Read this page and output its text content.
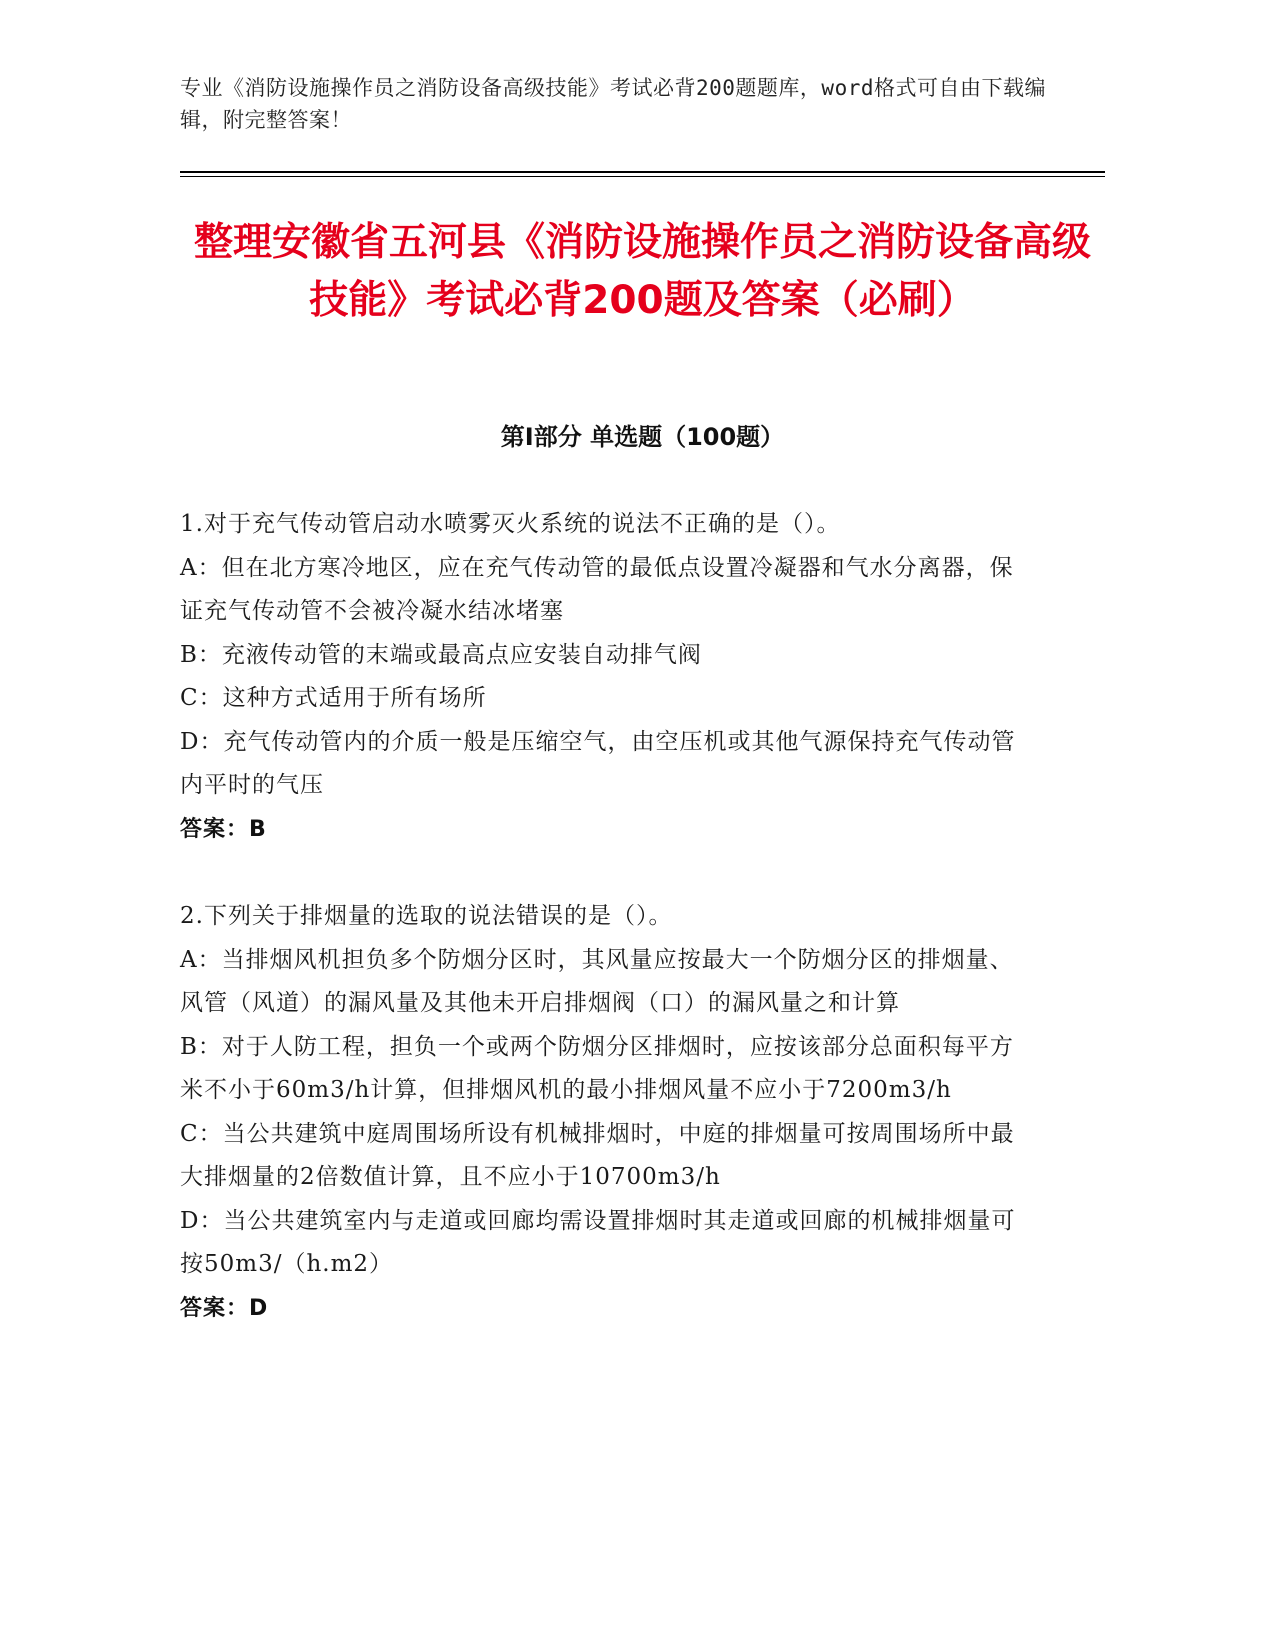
专业《消防设施操作员之消防设备高级技能》考试必背200题题库，word格式可自由下载编辑，附完整答案！
整理安徽省五河县《消防设施操作员之消防设备高级技能》考试必背200题及答案（必刷）
第I部分 单选题（100题）

1.对于充气传动管启动水喷雾灭火系统的说法不正确的是（）。

A：但在北方寒冷地区，应在充气传动管的最低点设置冷凝器和气水分离器，保证充气传动管不会被冷凝水结冰堵塞

B：充液传动管的末端或最高点应安装自动排气阀

C：这种方式适用于所有场所

D：充气传动管内的介质一般是压缩空气，由空压机或其他气源保持充气传动管内平时的气压

答案：B

2.下列关于排烟量的选取的说法错误的是（）。

A：当排烟风机担负多个防烟分区时，其风量应按最大一个防烟分区的排烟量、风管（风道）的漏风量及其他未开启排烟阀（口）的漏风量之和计算

B：对于人防工程，担负一个或两个防烟分区排烟时，应按该部分总面积每平方米不小于60m3/h计算，但排烟风机的最小排烟风量不应小于7200m3/h

C：当公共建筑中庭周围场所设有机械排烟时，中庭的排烟量可按周围场所中最大排烟量的2倍数值计算，且不应小于10700m3/h

D：当公共建筑室内与走道或回廊均需设置排烟时其走道或回廊的机械排烟量可按50m3/（h.m2）

答案：D
